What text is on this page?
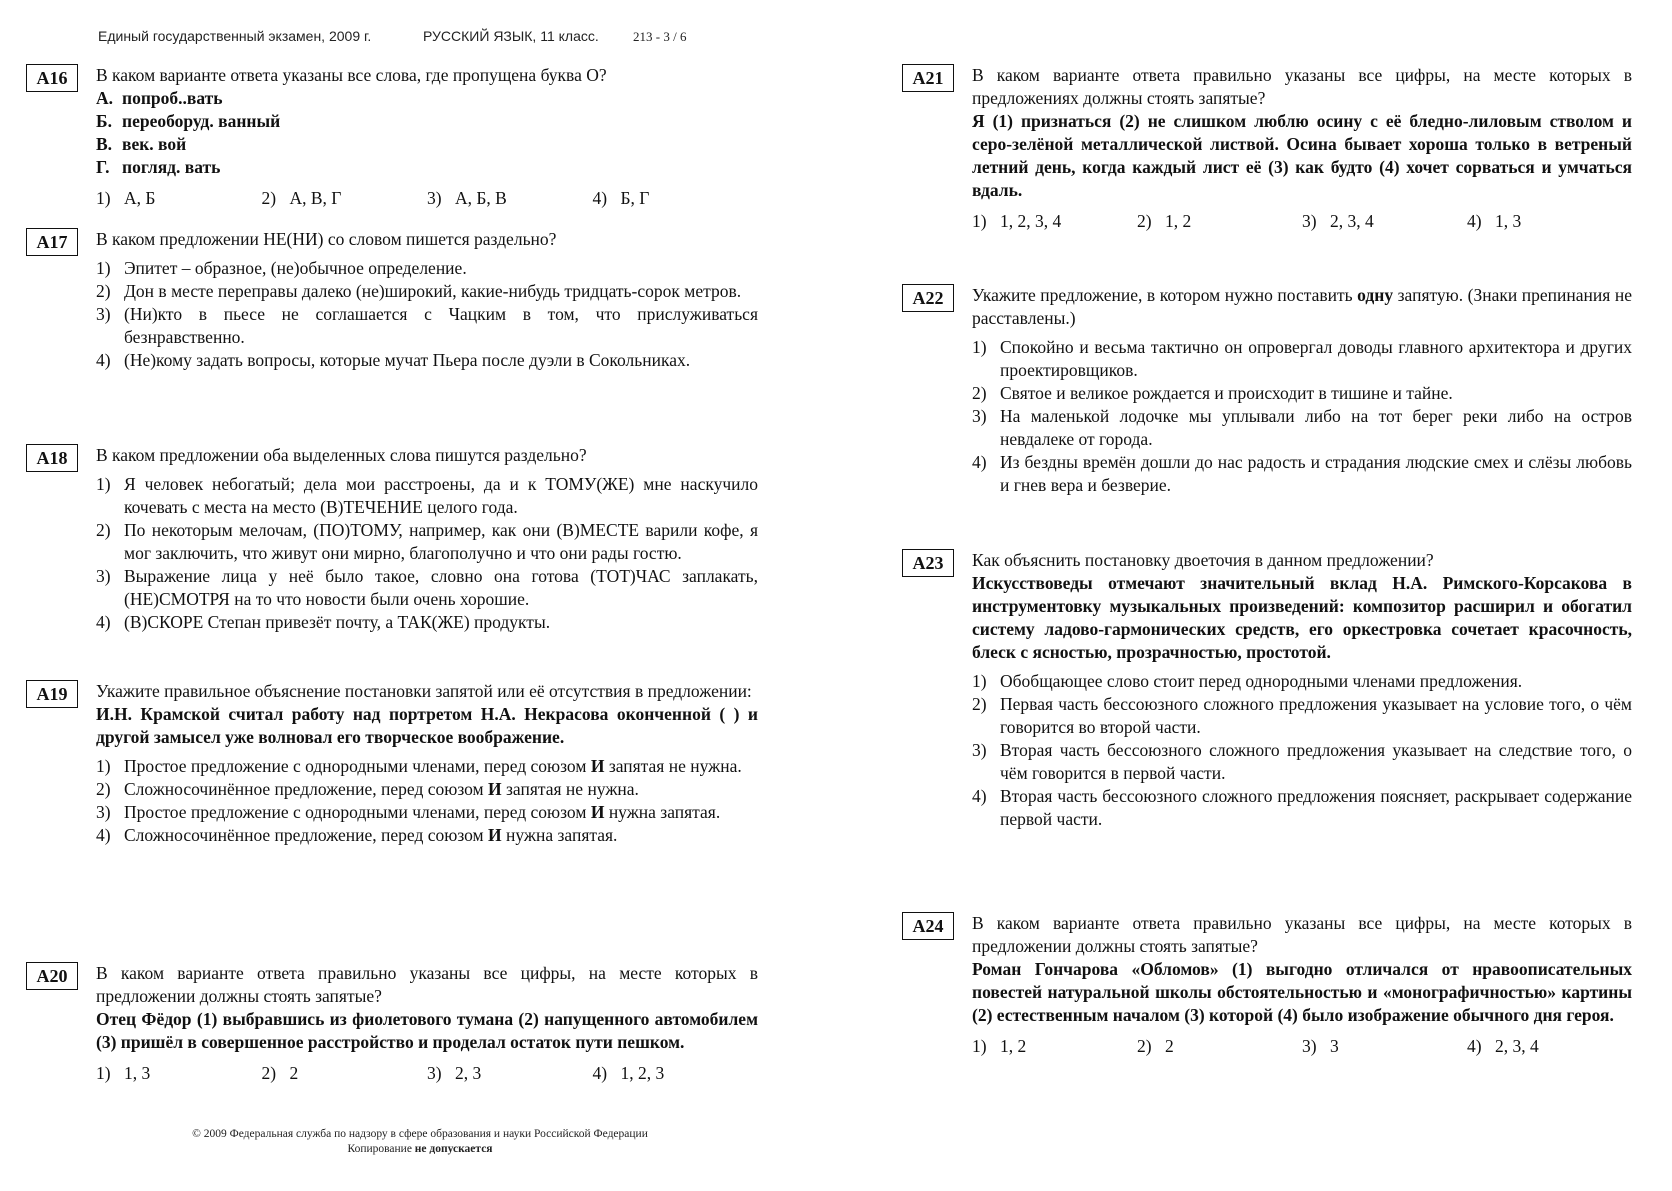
Единый государственный экзамен, 2009 г.	РУССКИЙ ЯЗЫК, 11 класс.	213 - 3 / 6
А16	В каком варианте ответа указаны все слова, где пропущена буква О?
А. попроб..вать
Б. переоборуд. ванный
В. век. вой
Г. погляд. вать
1) А, Б	2) А, В, Г	3) А, Б, В	4) Б, Г
А17	В каком предложении НЕ(НИ) со словом пишется раздельно?
1) Эпитет – образное, (не)обычное определение.
2) Дон в месте переправы далеко (не)широкий, какие-нибудь тридцать-сорок метров.
3) (Ни)кто в пьесе не соглашается с Чацким в том, что прислуживаться безнравственно.
4) (Не)кому задать вопросы, которые мучат Пьера после дуэли в Сокольниках.
А18	В каком предложении оба выделенных слова пишутся раздельно?
1) Я человек небогатый; дела мои расстроены, да и к ТОМУ(ЖЕ) мне наскучило кочевать с места на место (В)ТЕЧЕНИЕ целого года.
2) По некоторым мелочам, (ПО)ТОМУ, например, как они (В)МЕСТЕ варили кофе, я мог заключить, что живут они мирно, благополучно и что они рады гостю.
3) Выражение лица у неё было такое, словно она готова (ТОТ)ЧАС заплакать, (НЕ)СМОТРЯ на то что новости были очень хорошие.
4) (В)СКОРЕ Степан привезёт почту, а ТАК(ЖЕ) продукты.
А19	Укажите правильное объяснение постановки запятой или её отсутствия в предложении:
И.Н. Крамской считал работу над портретом Н.А. Некрасова оконченной ( ) и другой замысел уже волновал его творческое воображение.
1) Простое предложение с однородными членами, перед союзом И запятая не нужна.
2) Сложносочинённое предложение, перед союзом И запятая не нужна.
3) Простое предложение с однородными членами, перед союзом И нужна запятая.
4) Сложносочинённое предложение, перед союзом И нужна запятая.
А20	В каком варианте ответа правильно указаны все цифры, на месте которых в предложении должны стоять запятые?
Отец Фёдор (1) выбравшись из фиолетового тумана (2) напущенного автомобилем (3) пришёл в совершенное расстройство и проделал остаток пути пешком.
1) 1, 3	2) 2	3) 2, 3	4) 1, 2, 3
А21	В каком варианте ответа правильно указаны все цифры, на месте которых в предложениях должны стоять запятые?
Я (1) признаться (2) не слишком люблю осину с её бледно-лиловым стволом и серо-зелёной металлической листвой. Осина бывает хороша только в ветреный летний день, когда каждый лист её (3) как будто (4) хочет сорваться и умчаться вдаль.
1) 1, 2, 3, 4	2) 1, 2	3) 2, 3, 4	4) 1, 3
А22	Укажите предложение, в котором нужно поставить одну запятую. (Знаки препинания не расставлены.)
1) Спокойно и весьма тактично он опровергал доводы главного архитектора и других проектировщиков.
2) Святое и великое рождается и происходит в тишине и тайне.
3) На маленькой лодочке мы уплывали либо на тот берег реки либо на остров невдалеке от города.
4) Из бездны времён дошли до нас радость и страдания людские смех и слёзы любовь и гнев вера и безверие.
А23	Как объяснить постановку двоеточия в данном предложении?
Искусствоведы отмечают значительный вклад Н.А. Римского-Корсакова в инструментовку музыкальных произведений: композитор расширил и обогатил систему ладово-гармонических средств, его оркестровка сочетает красочность, блеск с ясностью, прозрачностью, простотой.
1) Обобщающее слово стоит перед однородными членами предложения.
2) Первая часть бессоюзного сложного предложения указывает на условие того, о чём говорится во второй части.
3) Вторая часть бессоюзного сложного предложения указывает на следствие того, о чём говорится в первой части.
4) Вторая часть бессоюзного сложного предложения поясняет, раскрывает содержание первой части.
А24	В каком варианте ответа правильно указаны все цифры, на месте которых в предложении должны стоять запятые?
Роман Гончарова «Обломов» (1) выгодно отличался от нравоописательных повестей натуральной школы обстоятельностью и «монографичностью» картины (2) естественным началом (3) которой (4) было изображение обычного дня героя.
1) 1, 2	2) 2	3) 3	4) 2, 3, 4
© 2009 Федеральная служба по надзору в сфере образования и науки Российской Федерации
Копирование не допускается
